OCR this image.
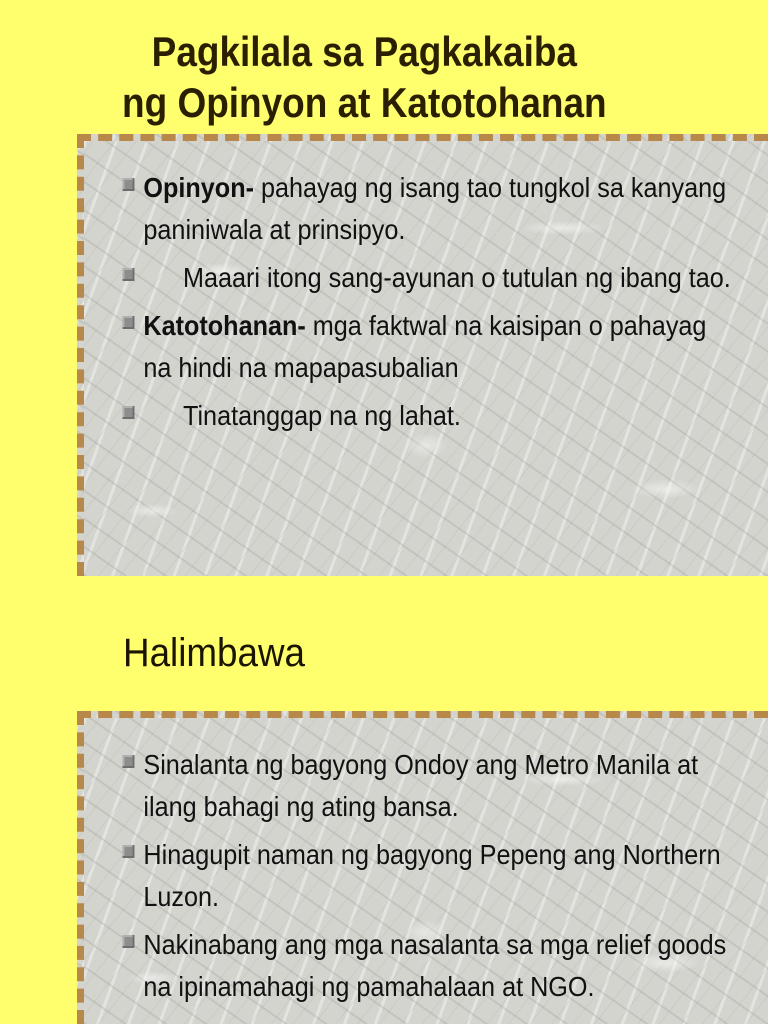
Pagkilala sa Pagkakaiba
ng Opinyon at Katotohanan
Opinyon- pahayag ng isang tao tungkol sa kanyang paniniwala at prinsipyo.
Maaari itong sang-ayunan o tutulan ng ibang tao.
Katotohanan- mga faktwal na kaisipan o pahayag na hindi na mapapasubalian
Tinatanggap na ng lahat.
Halimbawa
Sinalanta ng bagyong Ondoy ang Metro Manila at ilang bahagi ng ating bansa.
Hinagupit naman ng bagyong Pepeng ang Northern Luzon.
Nakinabang ang mga nasalanta sa mga relief goods na ipinamahagi ng pamahalaan at NGO.
